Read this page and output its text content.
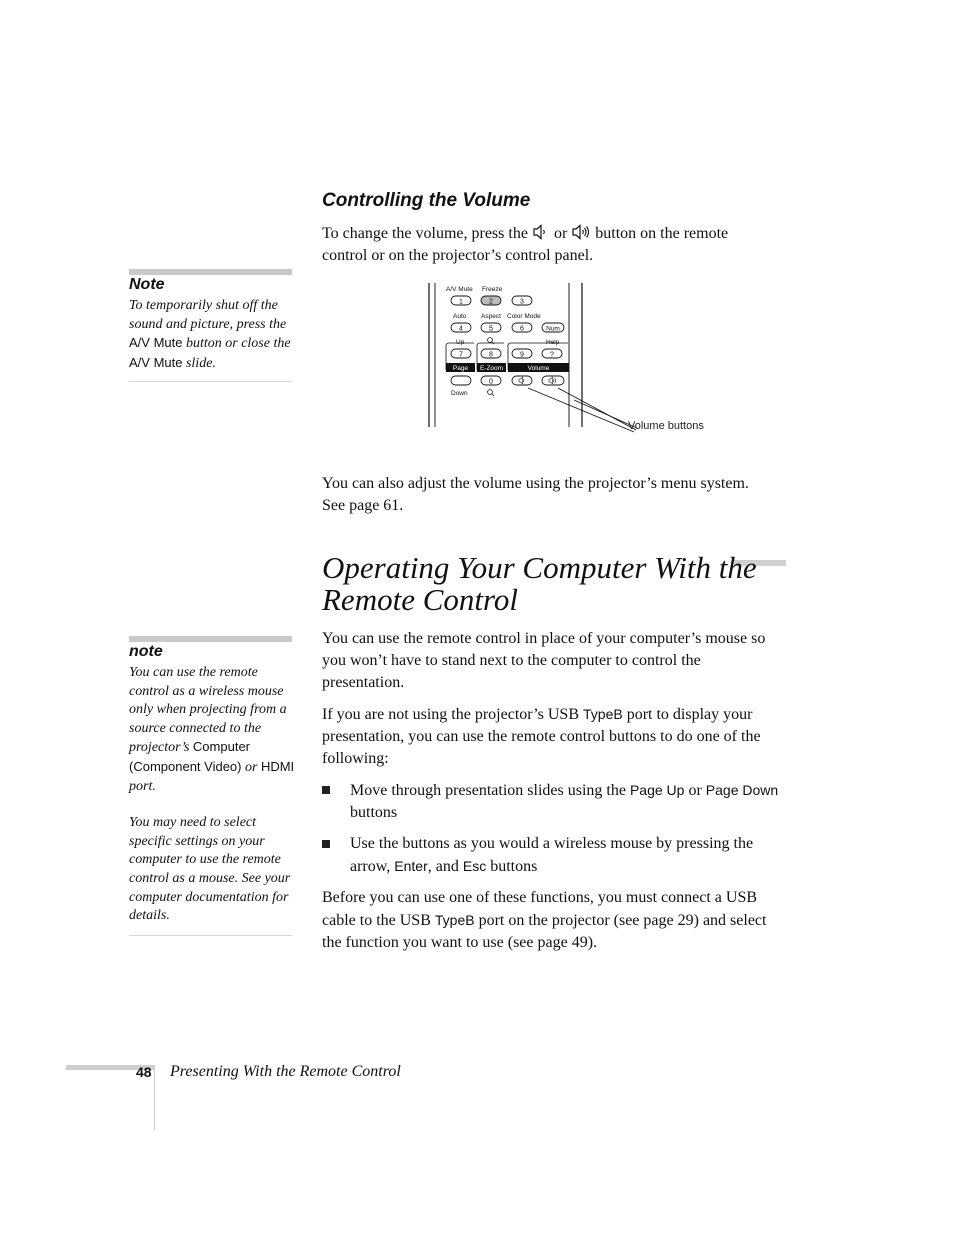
Controlling the Volume

To change the volume, press the or button on the remote control or on the projector’s control panel.

Note

To temporarily shut off the sound and picture, press the A/V Mute button or close the A/V Mute slide.

A/V Mute Freeze
1	2	3
Auto Aspect Color Mode
4	5	6	Num
Up	Help
7	8	9	?
Page E-Zoom	Volume
0
Down
Volume buttons

You can also adjust the volume using the projector’s menu system. See page 61.

Operating Your Computer With the Remote Control
note

You can use the remote control as a wireless mouse only when projecting from a source connected to the projector’s Computer (Component Video) or HDMI port.

You may need to select specific settings on your computer to use the remote control as a mouse. See your computer documentation for details.

You can use the remote control in place of your computer’s mouse so you won’t have to stand next to the computer to control the presentation.

If you are not using the projector’s USB TypeB port to display your presentation, you can use the remote control buttons to do one of the following:

Move through presentation slides using the Page Up or Page Down buttons
Use the buttons as you would a wireless mouse by pressing the arrow, Enter, and Esc buttons

Before you can use one of these functions, you must connect a USB cable to the USB TypeB port on the projector (see page 29) and select the function you want to use (see page 49).

48 Presenting With the Remote Control
